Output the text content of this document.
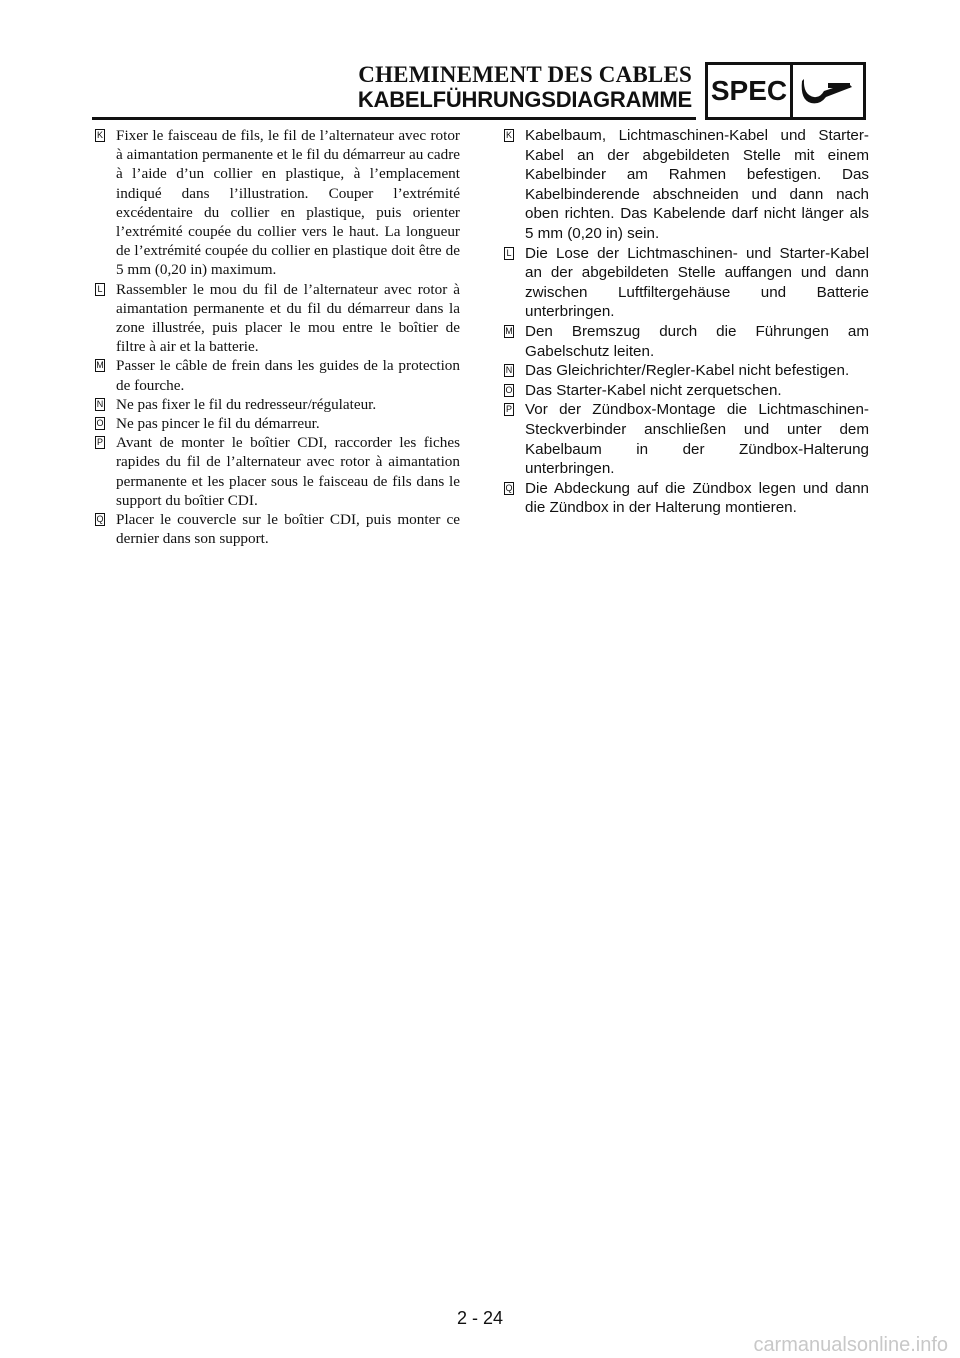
CHEMINEMENT DES CABLES
KABELFÜHRUNGSDIAGRAMME SPEC
K Fixer le faisceau de fils, le fil de l’alternateur avec rotor à aimantation permanente et le fil du démarreur au cadre à l’aide d’un collier en plastique, à l’emplacement indiqué dans l’illustration. Couper l’extrémité excédentaire du collier en plastique, puis orienter l’extrémité coupée du collier vers le haut. La longueur de l’extrémité coupée du collier en plastique doit être de 5 mm (0,20 in) maximum.
L Rassembler le mou du fil de l’alternateur avec rotor à aimantation permanente et du fil du démarreur dans la zone illustrée, puis placer le mou entre le boîtier de filtre à air et la batterie.
M Passer le câble de frein dans les guides de la protection de fourche.
N Ne pas fixer le fil du redresseur/régulateur.
O Ne pas pincer le fil du démarreur.
P Avant de monter le boîtier CDI, raccorder les fiches rapides du fil de l’alternateur avec rotor à aimantation permanente et les placer sous le faisceau de fils dans le support du boîtier CDI.
Q Placer le couvercle sur le boîtier CDI, puis monter ce dernier dans son support.
K Kabelbaum, Lichtmaschinen-Kabel und Starter-Kabel an der abgebildeten Stelle mit einem Kabelbinder am Rahmen befestigen. Das Kabelbinderende abschneiden und dann nach oben richten. Das Kabelende darf nicht länger als 5 mm (0,20 in) sein.
L Die Lose der Lichtmaschinen- und Starter-Kabel an der abgebildeten Stelle auffangen und dann zwischen Luftfiltergehäuse und Batterie unterbringen.
M Den Bremszug durch die Führungen am Gabelschutz leiten.
N Das Gleichrichter/Regler-Kabel nicht befestigen.
O Das Starter-Kabel nicht zerquetschen.
P Vor der Zündbox-Montage die Lichtmaschinen-Steckverbinder anschließen und unter dem Kabelbaum in der Zündbox-Halterung unterbringen.
Q Die Abdeckung auf die Zündbox legen und dann die Zündbox in der Halterung montieren.
2 - 24
carmanualsonline.info
